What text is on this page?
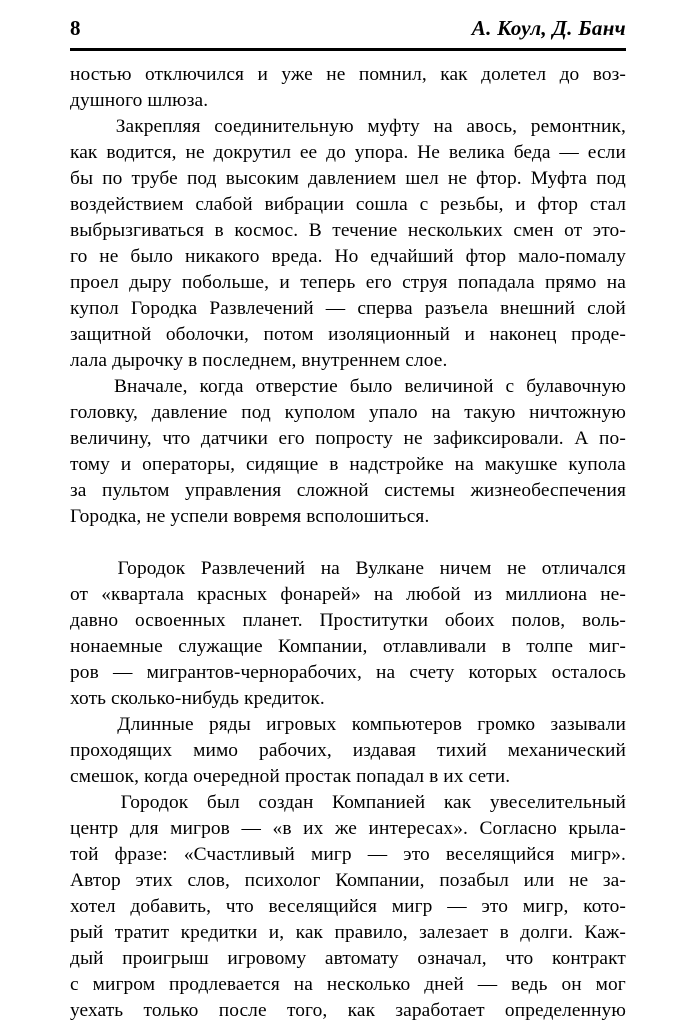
8	А. Коул, Д. Банч
ностью отключился и уже не помнил, как долетел до воз-
душного шлюза.
Закрепляя соединительную муфту на авось, ремонтник,
как водится, не докрутил ее до упора. Не велика беда — если
бы по трубе под высоким давлением шел не фтор. Муфта под
воздействием слабой вибрации сошла с резьбы, и фтор стал
выбрызгиваться в космос. В течение нескольких смен от это-
го не было никакого вреда. Но едчайший фтор мало-помалу
проел дыру побольше, и теперь его струя попадала прямо на
купол Городка Развлечений — сперва разъела внешний слой
защитной оболочки, потом изоляционный и наконец проде-
лала дырочку в последнем, внутреннем слое.
Вначале, когда отверстие было величиной с булавочную
головку, давление под куполом упало на такую ничтожную
величину, что датчики его попросту не зафиксировали. А по-
тому и операторы, сидящие в надстройке на макушке купола
за пультом управления сложной системы жизнеобеспечения
Городка, не успели вовремя всполошиться.
Городок Развлечений на Вулкане ничем не отличался
от «квартала красных фонарей» на любой из миллиона не-
давно освоенных планет. Проститутки обоих полов, воль-
нонаемные служащие Компании, отлавливали в толпе миг-
ров — мигрантов-чернорабочих, на счету которых осталось
хоть сколько-нибудь кредиток.
Длинные ряды игровых компьютеров громко зазывали
проходящих мимо рабочих, издавая тихий механический
смешок, когда очередной простак попадал в их сети.
Городок был создан Компанией как увеселительный
центр для мигров — «в их же интересах». Согласно крыла-
той фразе: «Счастливый мигр — это веселящийся мигр».
Автор этих слов, психолог Компании, позабыл или не за-
хотел добавить, что веселящийся мигр — это мигр, кото-
рый тратит кредитки и, как правило, залезает в долги. Каж-
дый проигрыш игровому автомату означал, что контракт
с мигром продлевается на несколько дней — ведь он мог
уехать только после того, как заработает определенную
